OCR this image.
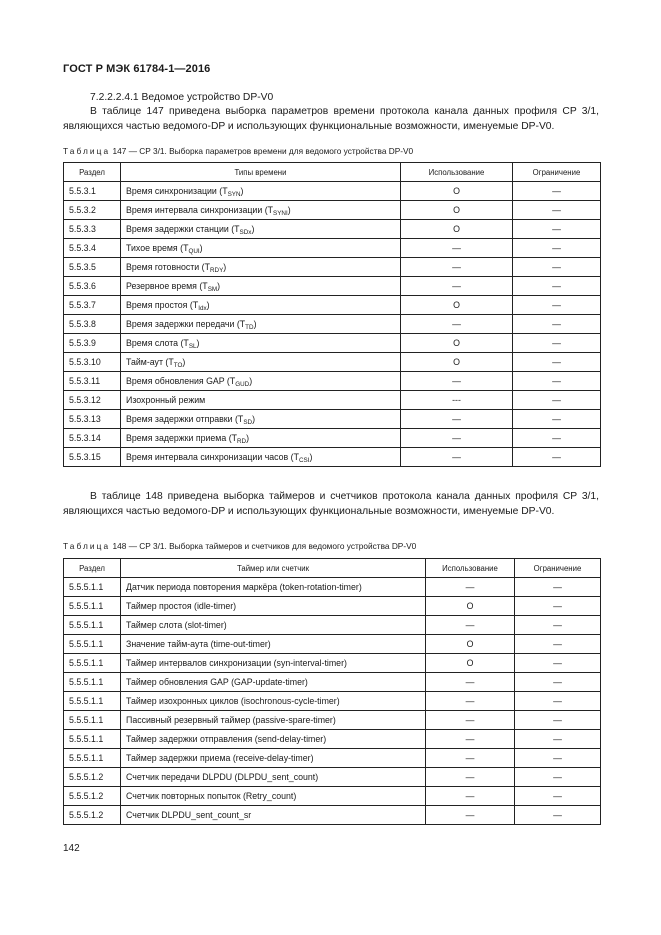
ГОСТ Р МЭК 61784-1—2016
7.2.2.2.4.1 Ведомое устройство DP-V0
В таблице 147 приведена выборка параметров времени протокола канала данных профиля CP 3/1, являющихся частью ведомого-DP и использующих функциональные возможности, именуемые DP-V0.
Таблица 147 — CP 3/1. Выборка параметров времени для ведомого устройства DP-V0
Раздел	Типы времени	Использование	Ограничение
5.5.3.1	Время синхронизации $(T_{SYN})$	O	—
5.5.3.2	Время интервала синхронизации $(T_{SYNI})$	O	—
5.5.3.3	Время задержки станции $(T_{SDx})$	O	—
5.5.3.4	Тихое время $(T_{QUI})$	—	—
5.5.3.5	Время готовности $(T_{RDY})$	—	—
5.5.3.6	Резервное время $(T_{SM})$	—	—
5.5.3.7	Время простоя $(T_{Idx})$	O	—
5.5.3.8	Время задержки передачи $(T_{TD})$	—	—
5.5.3.9	Время слота $(T_{SL})$	O	—
5.5.3.10	Тайм-аут $(T_{TO})$	O	—
5.5.3.11	Время обновления GAP $(T_{GUD})$	—	—
5.5.3.12	Изохронный режим	---	—
5.5.3.13	Время задержки отправки $(T_{SD})$	—	—
5.5.3.14	Время задержки приема $(T_{RD})$	—	—
5.5.3.15	Время интервала синхронизации часов $(T_{CSI})$	—	—
В таблице 148 приведена выборка таймеров и счетчиков протокола канала данных профиля CP 3/1, являющихся частью ведомого-DP и использующих функциональные возможности, именуемые DP-V0.
Таблица 148 — CP 3/1. Выборка таймеров и счетчиков для ведомого устройства DP-V0
Раздел	Таймер или счетчик	Использование	Ограничение
5.5.5.1.1	Датчик периода повторения маркёра (token-rotation-timer)	—	—
5.5.5.1.1	Таймер простоя (idle-timer)	O	—
5.5.5.1.1	Таймер слота (slot-timer)	—	—
5.5.5.1.1	Значение тайм-аута (time-out-timer)	O	—
5.5.5.1.1	Таймер интервалов синхронизации (syn-interval-timer)	O	—
5.5.5.1.1	Таймер обновления GAP (GAP-update-timer)	—	—
5.5.5.1.1	Таймер изохронных циклов (isochronous-cycle-timer)	—	—
5.5.5.1.1	Пассивный резервный таймер (passive-spare-timer)	—	—
5.5.5.1.1	Таймер задержки отправления (send-delay-timer)	—	—
5.5.5.1.1	Таймер задержки приема (receive-delay-timer)	—	—
5.5.5.1.2	Счетчик передачи DLPDU (DLPDU_sent_count)	—	—
5.5.5.1.2	Счетчик повторных попыток (Retry_count)	—	—
5.5.5.1.2	Счетчик DLPDU_sent_count_sr	—	—
142
